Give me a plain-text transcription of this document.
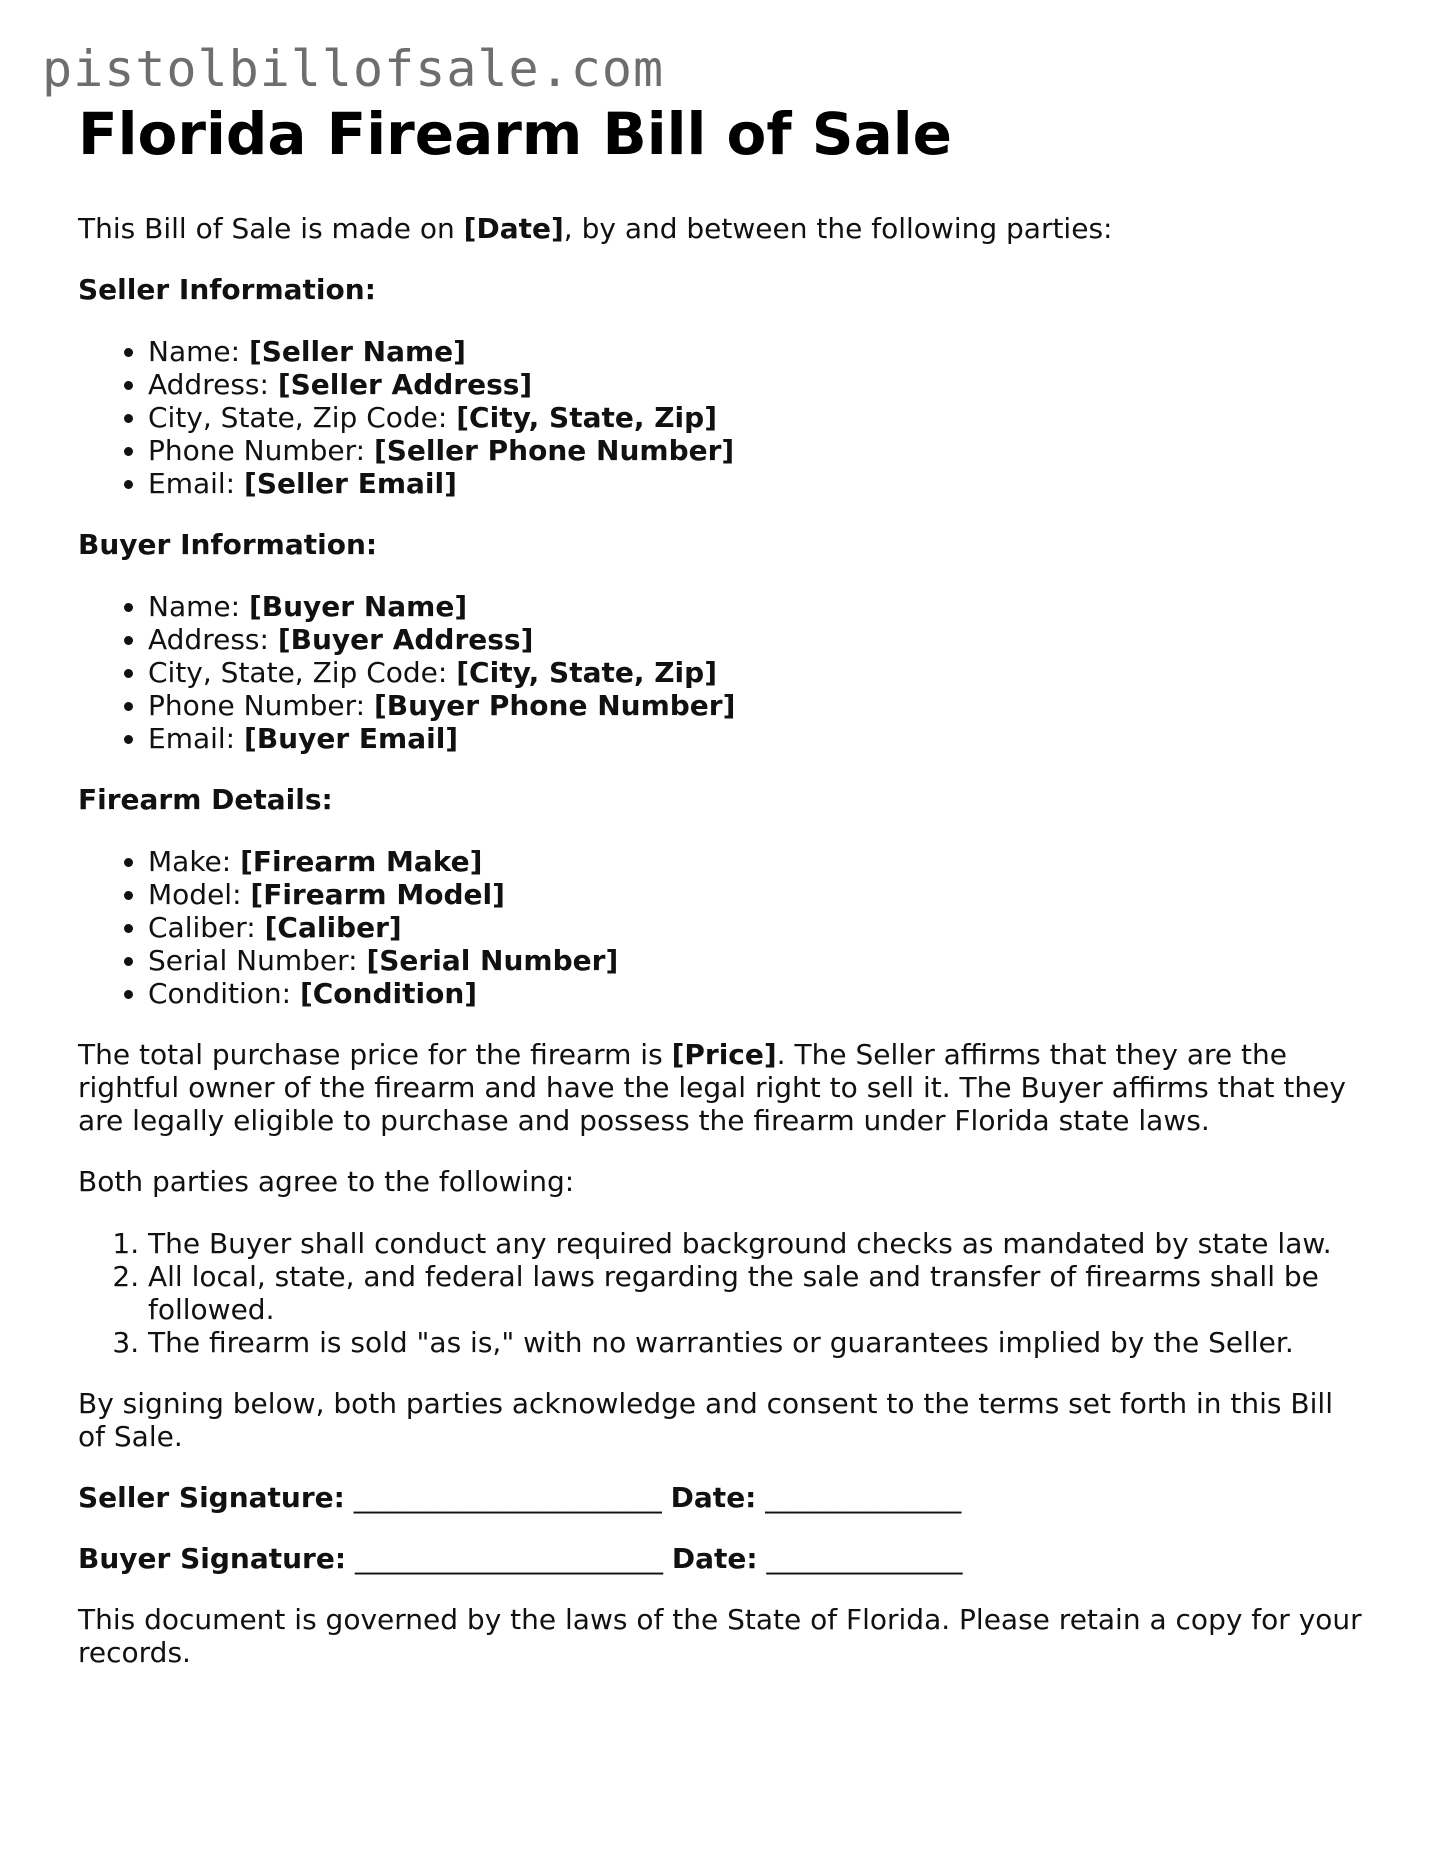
pistolbillofsale.com
Florida Firearm Bill of Sale

This Bill of Sale is made on [Date], by and between the following parties:

Seller Information:

• Name: [Seller Name]
• Address: [Seller Address]
• City, State, Zip Code: [City, State, Zip]
• Phone Number: [Seller Phone Number]
• Email: [Seller Email]

Buyer Information:

• Name: [Buyer Name]
• Address: [Buyer Address]
• City, State, Zip Code: [City, State, Zip]
• Phone Number: [Buyer Phone Number]
• Email: [Buyer Email]

Firearm Details:

• Make: [Firearm Make]
• Model: [Firearm Model]
• Caliber: [Caliber]
• Serial Number: [Serial Number]
• Condition: [Condition]

The total purchase price for the firearm is [Price]. The Seller affirms that they are the rightful owner of the firearm and have the legal right to sell it. The Buyer affirms that they are legally eligible to purchase and possess the firearm under Florida state laws.

Both parties agree to the following:

1. The Buyer shall conduct any required background checks as mandated by state law.
2. All local, state, and federal laws regarding the sale and transfer of firearms shall be followed.
3. The firearm is sold "as is," with no warranties or guarantees implied by the Seller.

By signing below, both parties acknowledge and consent to the terms set forth in this Bill of Sale.

Seller Signature: ______________________ Date: ______________

Buyer Signature: ______________________ Date: ______________

This document is governed by the laws of the State of Florida. Please retain a copy for your records.
